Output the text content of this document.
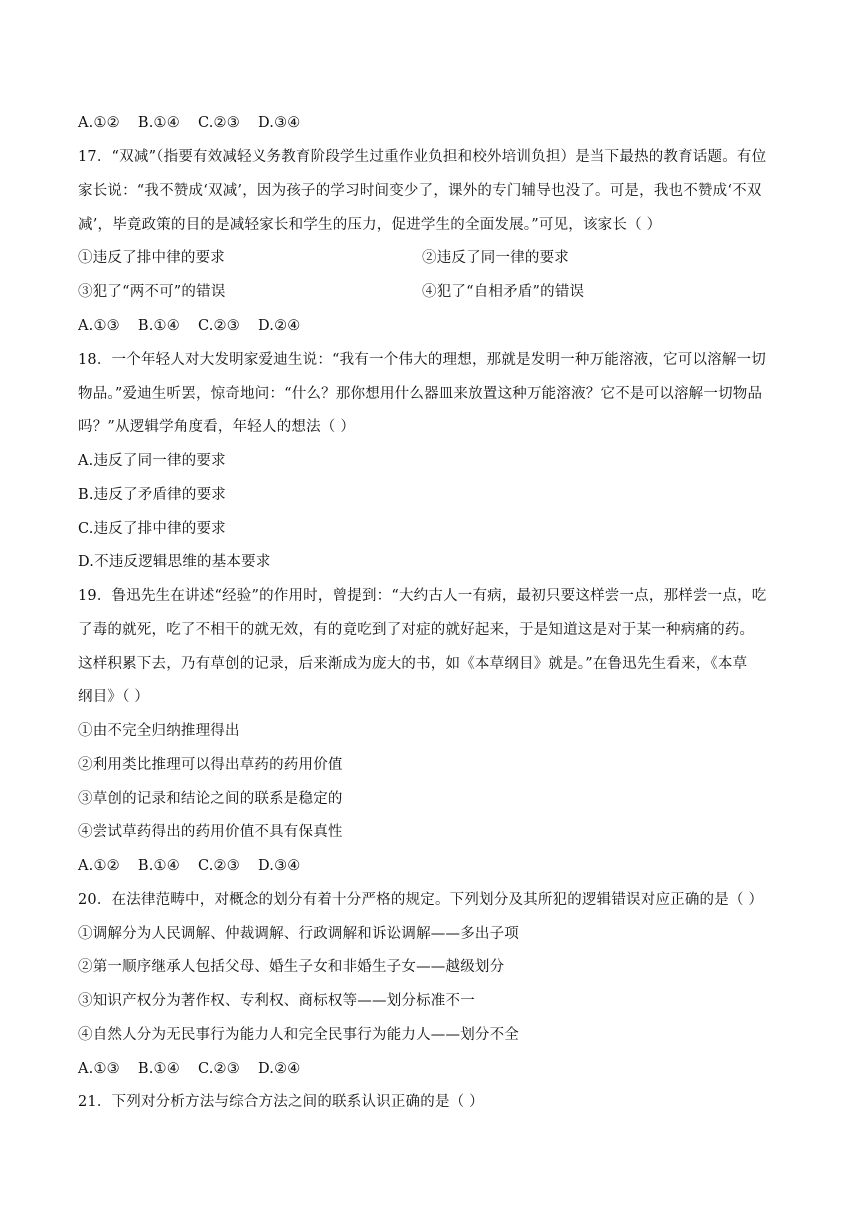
A.①② B.①④ C.②③ D.③④
17．“双减”（指要有效减轻义务教育阶段学生过重作业负担和校外培训负担）是当下最热的教育话题。有位
家长说：“我不赞成‘双减’，因为孩子的学习时间变少了，课外的专门辅导也没了。可是，我也不赞成‘不双
减’，毕竟政策的目的是减轻家长和学生的压力，促进学生的全面发展。”可见，该家长（ ）
①违反了排中律的要求	②违反了同一律的要求
③犯了“两不可”的错误	④犯了“自相矛盾”的错误
A.①③ B.①④ C.②③ D.②④
18．一个年轻人对大发明家爱迪生说：“我有一个伟大的理想，那就是发明一种万能溶液，它可以溶解一切
物品。”爱迪生听罢，惊奇地问：“什么？那你想用什么器皿来放置这种万能溶液？它不是可以溶解一切物品
吗？”从逻辑学角度看，年轻人的想法（ ）
A.违反了同一律的要求
B.违反了矛盾律的要求
C.违反了排中律的要求
D.不违反逻辑思维的基本要求
19．鲁迅先生在讲述“经验”的作用时，曾提到：“大约古人一有病，最初只要这样尝一点，那样尝一点，吃
了毒的就死，吃了不相干的就无效，有的竟吃到了对症的就好起来，于是知道这是对于某一种病痛的药。
这样积累下去，乃有草创的记录，后来渐成为庞大的书，如《本草纲目》就是。”在鲁迅先生看来，《本草
纲目》（ ）
①由不完全归纳推理得出
②利用类比推理可以得出草药的药用价值
③草创的记录和结论之间的联系是稳定的
④尝试草药得出的药用价值不具有保真性
A.①② B.①④ C.②③ D.③④
20．在法律范畴中，对概念的划分有着十分严格的规定。下列划分及其所犯的逻辑错误对应正确的是（ ）
①调解分为人民调解、仲裁调解、行政调解和诉讼调解——多出子项
②第一顺序继承人包括父母、婚生子女和非婚生子女——越级划分
③知识产权分为著作权、专利权、商标权等——划分标准不一
④自然人分为无民事行为能力人和完全民事行为能力人——划分不全
A.①③ B.①④ C.②③ D.②④
21．下列对分析方法与综合方法之间的联系认识正确的是（ ）
